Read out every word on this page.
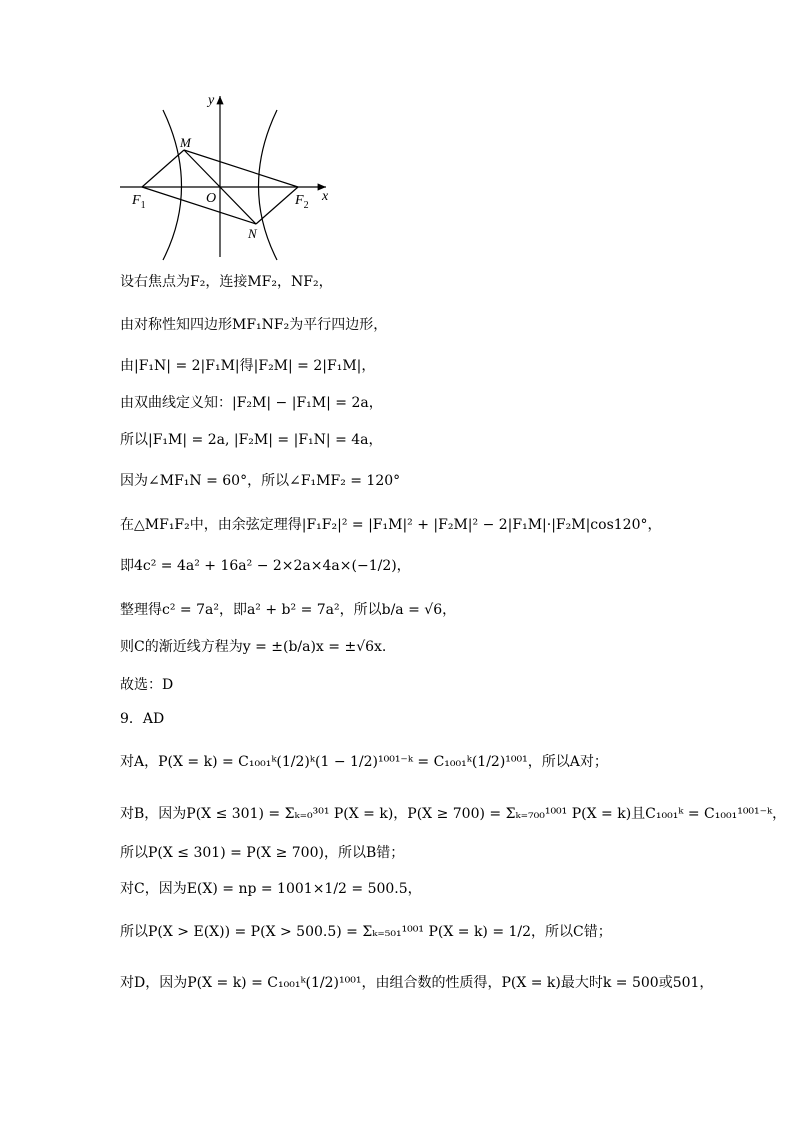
y
x
M
$F_1$	O	$F_2$
N
设右焦点为F₂，连接MF₂，NF₂，
由对称性知四边形MF₁NF₂为平行四边形，
由|F₁N| = 2|F₁M|得|F₂M| = 2|F₁M|，
由双曲线定义知：|F₂M| − |F₁M| = 2a，
所以|F₁M| = 2a, |F₂M| = |F₁N| = 4a，
因为∠MF₁N = 60°，所以∠F₁MF₂ = 120°
在△MF₁F₂中，由余弦定理得|F₁F₂|² = |F₁M|² + |F₂M|² − 2|F₁M|·|F₂M|cos120°，
即4c² = 4a² + 16a² − 2×2a×4a×(−1/2)，
整理得c² = 7a²，即a² + b² = 7a²，所以b/a = √6，
则C的渐近线方程为y = ±(b/a)x = ±√6x.
故选：D
9．AD
对A，P(X = k) = C₁₀₀₁ᵏ(1/2)ᵏ(1 − 1/2)¹⁰⁰¹⁻ᵏ = C₁₀₀₁ᵏ(1/2)¹⁰⁰¹，所以A对；
对B，因为P(X ≤ 301) = Σₖ₌₀³⁰¹ P(X = k)，P(X ≥ 700) = Σₖ₌₇₀₀¹⁰⁰¹ P(X = k)且C₁₀₀₁ᵏ = C₁₀₀₁¹⁰⁰¹⁻ᵏ，
所以P(X ≤ 301) = P(X ≥ 700)，所以B错；
对C，因为E(X) = np = 1001×1/2 = 500.5，
所以P(X > E(X)) = P(X > 500.5) = Σₖ₌₅₀₁¹⁰⁰¹ P(X = k) = 1/2，所以C错；
对D，因为P(X = k) = C₁₀₀₁ᵏ(1/2)¹⁰⁰¹，由组合数的性质得，P(X = k)最大时k = 500或501，
